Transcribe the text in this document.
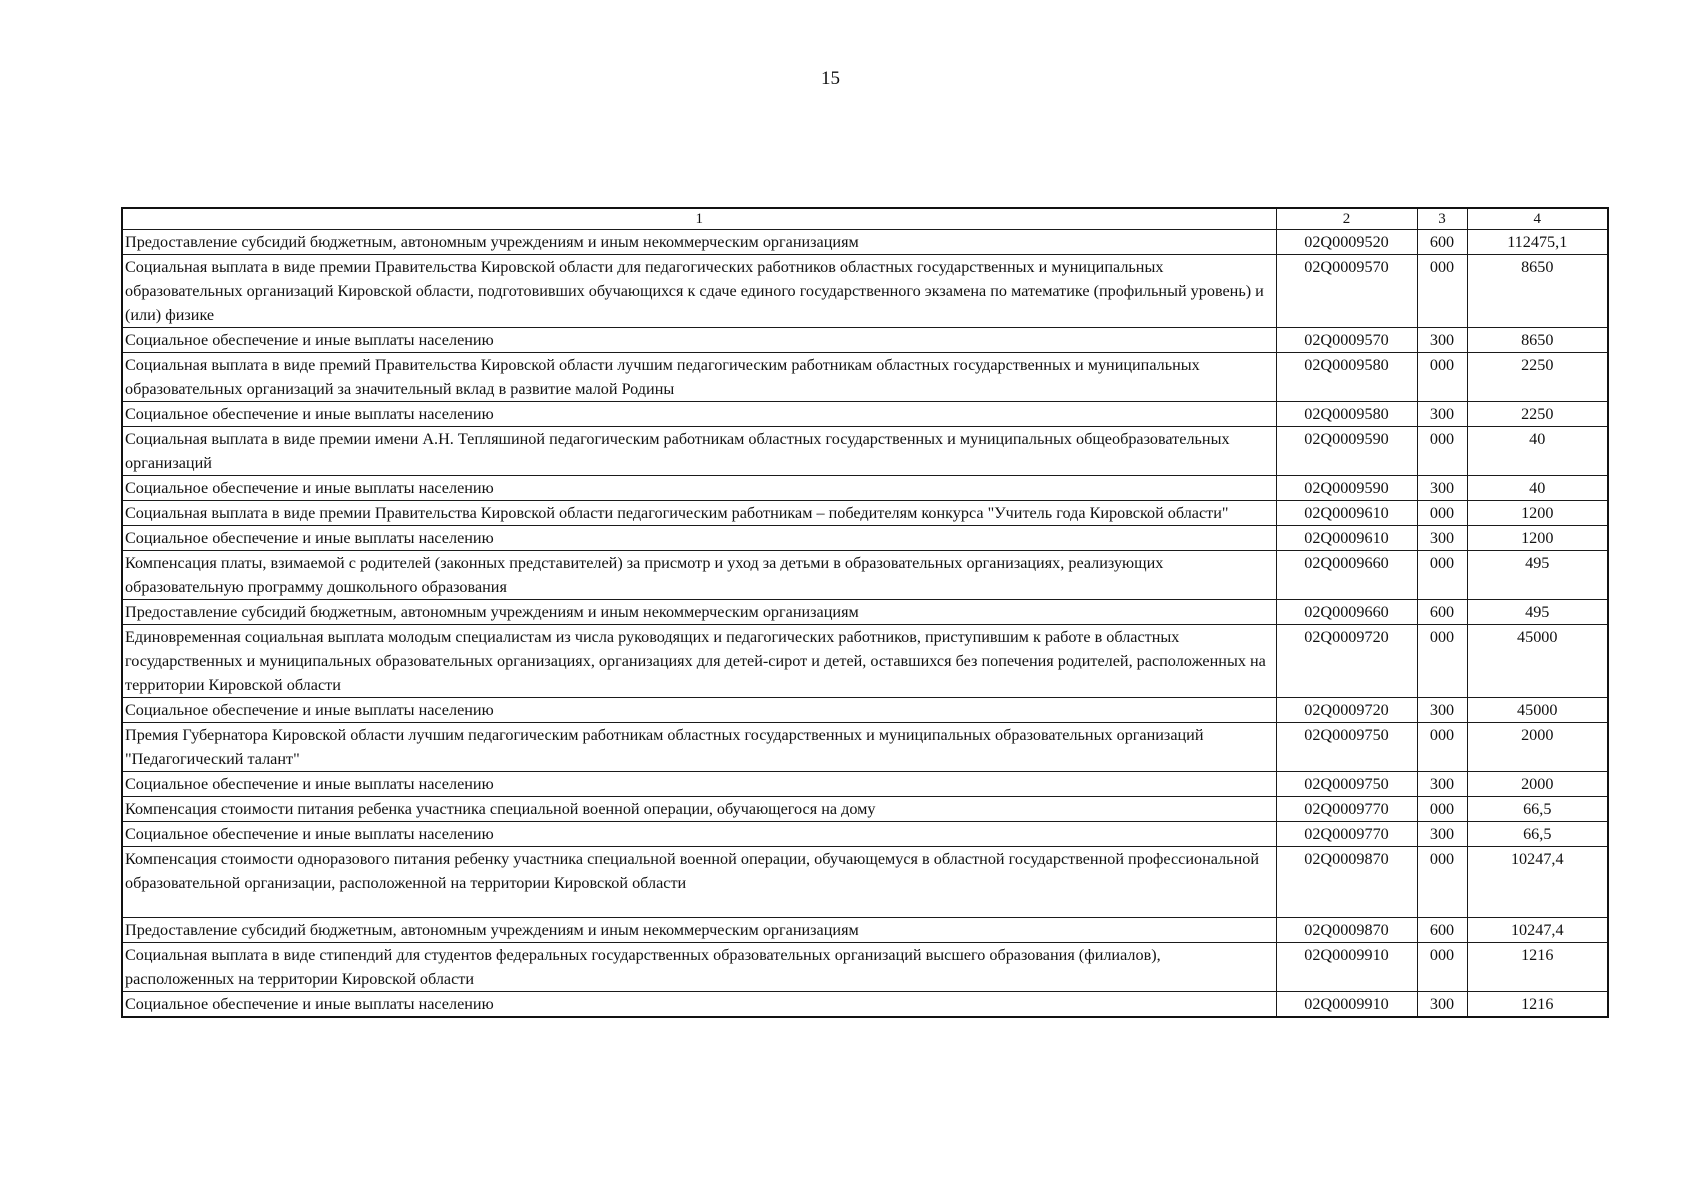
15
1	2	3	4
Предоставление субсидий бюджетным, автономным учреждениям и иным некоммерческим организациям	02Q0009520	600	112475,1
Социальная выплата в виде премии Правительства Кировской области для педагогических работников областных государственных и муниципальных образовательных организаций Кировской области, подготовивших обучающихся к сдаче единого государственного экзамена по математике (профильный уровень) и (или) физике	02Q0009570	000	8650
Социальное обеспечение и иные выплаты населению	02Q0009570	300	8650
Социальная выплата в виде премий Правительства Кировской области лучшим педагогическим работникам областных государственных и муниципальных образовательных организаций за значительный вклад в развитие малой Родины	02Q0009580	000	2250
Социальное обеспечение и иные выплаты населению	02Q0009580	300	2250
Социальная выплата в виде премии имени А.Н. Тепляшиной педагогическим работникам областных государственных и муниципальных общеобразовательных организаций	02Q0009590	000	40
Социальное обеспечение и иные выплаты населению	02Q0009590	300	40
Социальная выплата в виде премии Правительства Кировской области педагогическим работникам – победителям конкурса "Учитель года Кировской области"	02Q0009610	000	1200
Социальное обеспечение и иные выплаты населению	02Q0009610	300	1200
Компенсация платы, взимаемой с родителей (законных представителей) за присмотр и уход за детьми в образовательных организациях, реализующих образовательную программу дошкольного образования	02Q0009660	000	495
Предоставление субсидий бюджетным, автономным учреждениям и иным некоммерческим организациям	02Q0009660	600	495
Единовременная социальная выплата молодым специалистам из числа руководящих и педагогических работников, приступившим к работе в областных государственных и муниципальных образовательных организациях, организациях для детей-сирот и детей, оставшихся без попечения родителей, расположенных на территории Кировской области	02Q0009720	000	45000
Социальное обеспечение и иные выплаты населению	02Q0009720	300	45000
Премия Губернатора Кировской области лучшим педагогическим работникам областных государственных и муниципальных образовательных организаций "Педагогический талант"	02Q0009750	000	2000
Социальное обеспечение и иные выплаты населению	02Q0009750	300	2000
Компенсация стоимости питания ребенка участника специальной военной операции, обучающегося на дому	02Q0009770	000	66,5
Социальное обеспечение и иные выплаты населению	02Q0009770	300	66,5
Компенсация стоимости одноразового питания ребенку участника специальной военной операции, обучающемуся в областной государственной профессиональной образовательной организации, расположенной на территории Кировской области	02Q0009870	000	10247,4
Предоставление субсидий бюджетным, автономным учреждениям и иным некоммерческим организациям	02Q0009870	600	10247,4
Социальная выплата в виде стипендий для студентов федеральных государственных образовательных организаций высшего образования (филиалов), расположенных на территории Кировской области	02Q0009910	000	1216
Социальное обеспечение и иные выплаты населению	02Q0009910	300	1216
